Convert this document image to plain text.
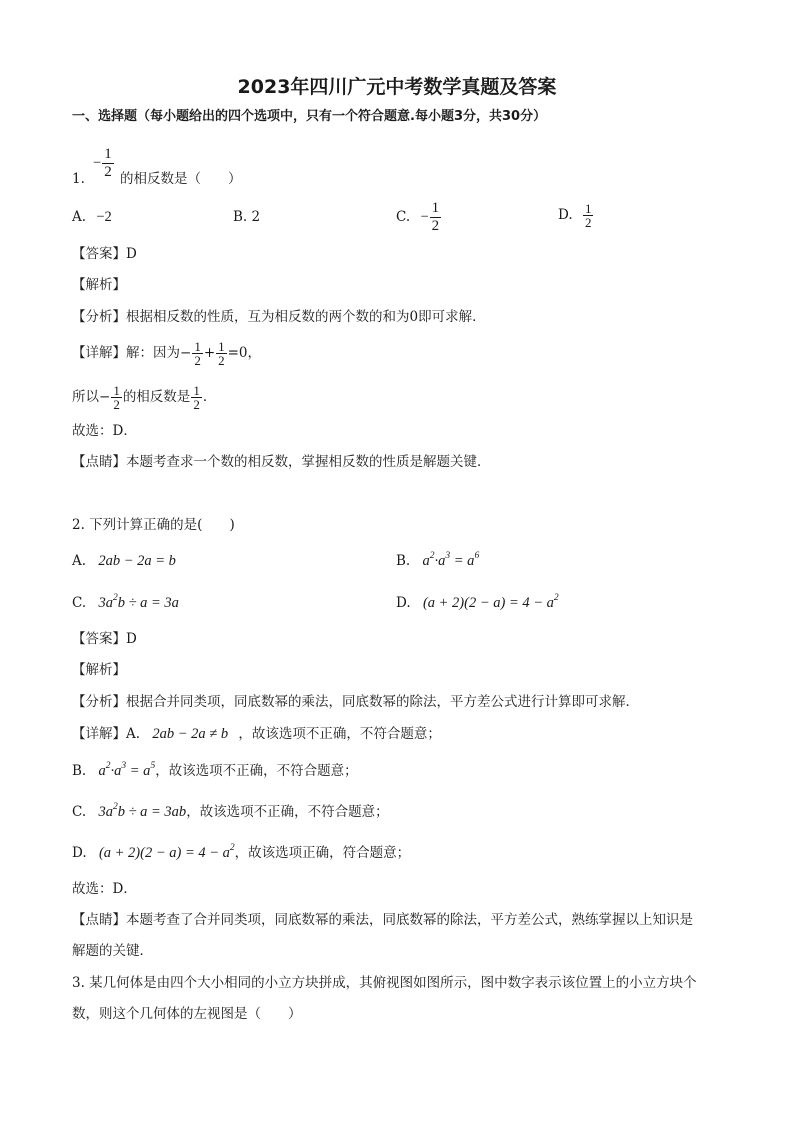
2023年四川广元中考数学真题及答案
一、选择题（每小题给出的四个选项中，只有一个符合题意.每小题3分，共30分）
− $\frac{1}{2}$
1.	的相反数是（　　）
A. −2	B. 2	C. − $\frac{1}{2}$	D. $\frac{1}{2}$
【答案】D
【解析】
【分析】根据相反数的性质，互为相反数的两个数的和为0即可求解．
【详解】解：因为− $\frac{1}{2} + \frac{1}{2} =0$，
所以− $\frac{1}{2}$ 的相反数是 $\frac{1}{2}$ ．
故选：D．
【点睛】本题考查求一个数的相反数，掌握相反数的性质是解题关键．
2. 下列计算正确的是(　　)
A. 2ab − 2a = b	B. $a^2\cdot a^3 = a^6$
C. $3a^2b \div a = 3a$	D. $(a + 2)(2 - a) = 4 - a^2$
【答案】D
【解析】
【分析】根据合并同类项，同底数幂的乘法，同底数幂的除法，平方差公式进行计算即可求解．
【详解】A. 2ab − 2a ≠ b ，故该选项不正确，不符合题意；
B. $a^2\cdot a^3 = a^5$，故该选项不正确，不符合题意；
C. $3a^2b \div a = 3ab$，故该选项不正确，不符合题意；
D. $(a + 2)(2 - a) = 4 - a^2$，故该选项正确，符合题意；
故选：D．
【点睛】本题考查了合并同类项，同底数幂的乘法，同底数幂的除法，平方差公式，熟练掌握以上知识是
解题的关键．
3. 某几何体是由四个大小相同的小立方块拼成，其俯视图如图所示，图中数字表示该位置上的小立方块个
数，则这个几何体的左视图是（　　）
